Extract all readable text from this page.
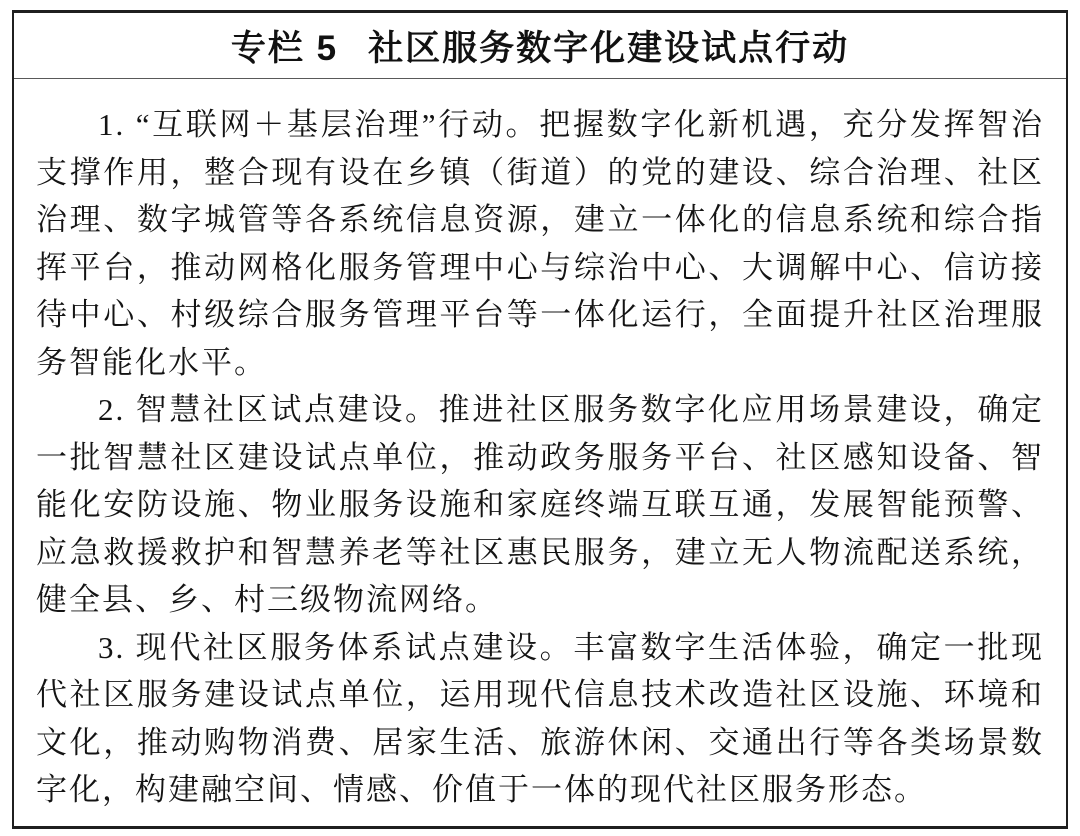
专栏 5 社区服务数字化建设试点行动

1. “互联网＋基层治理”行动。把握数字化新机遇，充分发挥智治支撑作用，整合现有设在乡镇（街道）的党的建设、综合治理、社区治理、数字城管等各系统信息资源，建立一体化的信息系统和综合指挥平台，推动网格化服务管理中心与综治中心、大调解中心、信访接待中心、村级综合服务管理平台等一体化运行，全面提升社区治理服务智能化水平。

2. 智慧社区试点建设。推进社区服务数字化应用场景建设，确定一批智慧社区建设试点单位，推动政务服务平台、社区感知设备、智能化安防设施、物业服务设施和家庭终端互联互通，发展智能预警、应急救援救护和智慧养老等社区惠民服务，建立无人物流配送系统，健全县、乡、村三级物流网络。

3. 现代社区服务体系试点建设。丰富数字生活体验，确定一批现代社区服务建设试点单位，运用现代信息技术改造社区设施、环境和文化，推动购物消费、居家生活、旅游休闲、交通出行等各类场景数字化，构建融空间、情感、价值于一体的现代社区服务形态。
